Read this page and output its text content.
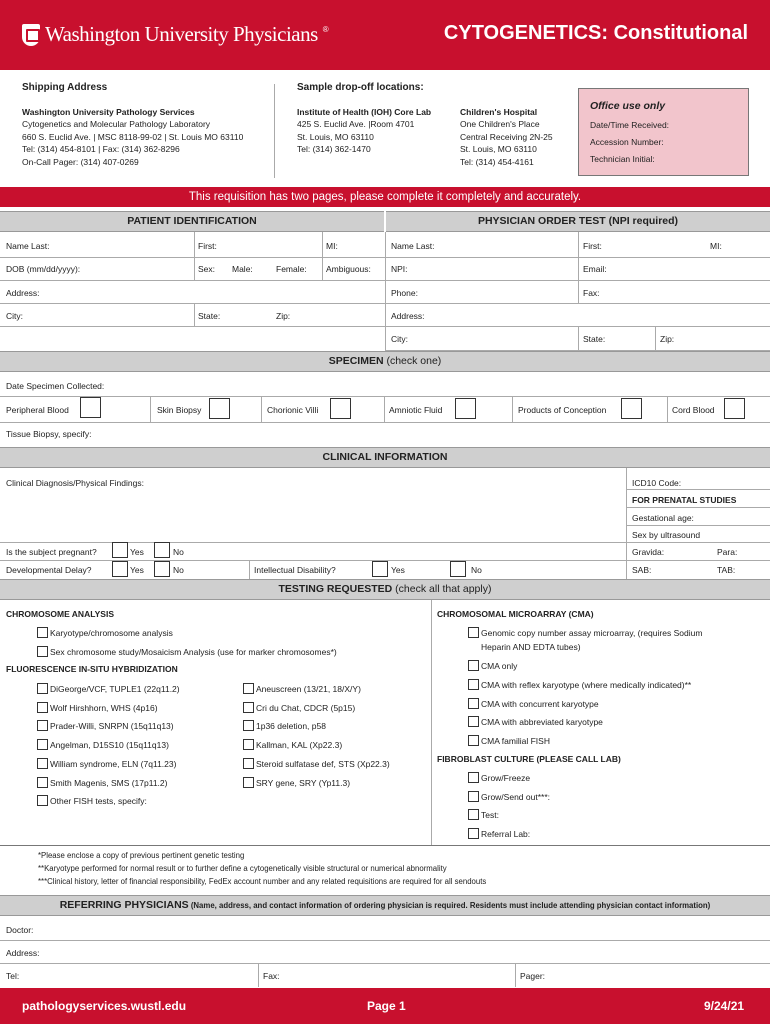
Washington University Physicians ®	CYTOGENETICS: Constitutional
Shipping Address
Washington University Pathology Services
Cytogenetics and Molecular Pathology Laboratory
660 S. Euclid Ave. | MSC 8118-99-02 | St. Louis MO 63110
Tel: (314) 454-8101 | Fax: (314) 362-8296
On-Call Pager: (314) 407-0269
Sample drop-off locations:
Institute of Health (IOH) Core Lab
425 S. Euclid Ave. |Room 4701
St. Louis, MO 63110
Tel: (314) 362-1470
Children's Hospital
One Children's Place
Central Receiving 2N-25
St. Louis, MO 63110
Tel: (314) 454-4161
Office use only
Date/Time Received:
Accession Number:
Technician Initial:
This requisition has two pages, please complete it completely and accurately.
PATIENT IDENTIFICATION	PHYSICIAN ORDER TEST (NPI required)
Name Last:	First:	MI:
DOB (mm/dd/yyyy):	Sex: Male:	Female: Ambiguous:
Address:
City:	State:	Zip:
Name Last:	First:	MI:
NPI:	Email:
Phone:	Fax:
Address:
City:	State:	Zip:
SPECIMEN (check one)
Date Specimen Collected:
Peripheral Blood	Skin Biopsy	Chorionic Villi	Amniotic Fluid	Products of Conception	Cord Blood
Tissue Biopsy, specify:
CLINICAL INFORMATION
Clinical Diagnosis/Physical Findings:	ICD10 Code:
FOR PRENATAL STUDIES
Gestational age:
Sex by ultrasound
Gravida:	Para:
SAB:	TAB:
Is the subject pregnant?	Yes	No
Developmental Delay?	Yes	No	Intellectual Disability?	Yes	No
TESTING REQUESTED (check all that apply)
CHROMOSOME ANALYSIS
Karyotype/chromosome analysis
Sex chromosome study/Mosaicism Analysis (use for marker chromosomes*)
FLUORESCENCE IN-SITU HYBRIDIZATION
DiGeorge/VCF, TUPLE1 (22q11.2)
Wolf Hirshhorn, WHS (4p16)
Prader-Willi, SNRPN (15q11q13)
Angelman, D15S10 (15q11q13)
William syndrome, ELN (7q11.23)
Smith Magenis, SMS (17p11.2)
Other FISH tests, specify:
Aneuscreen (13/21, 18/X/Y)
Cri du Chat, CDCR (5p15)
1p36 deletion, p58
Kallman, KAL (Xp22.3)
Steroid sulfatase def, STS (Xp22.3)
SRY gene, SRY (Yp11.3)
CHROMOSOMAL MICROARRAY (CMA)
Genomic copy number assay microarray, (requires Sodium
Heparin AND EDTA tubes)
CMA only
CMA with reflex karyotype (where medically indicated)**
CMA with concurrent karyotype
CMA with abbreviated karyotype
CMA familial FISH
FIBROBLAST CULTURE (PLEASE CALL LAB)
Grow/Freeze
Grow/Send out***:
Test:
Referral Lab:
*Please enclose a copy of previous pertinent genetic testing
**Karyotype performed for normal result or to further define a cytogenetically visible structural or numerical abnormality
***Clinical history, letter of financial responsibility, FedEx account number and any related requisitions are required for all sendouts
REFERRING PHYSICIANS (Name, address, and contact information of ordering physician is required. Residents must include attending physician contact information)
Doctor:
Address:
Tel:	Fax:	Pager:
pathologyservices.wustl.edu	Page 1	9/24/21
